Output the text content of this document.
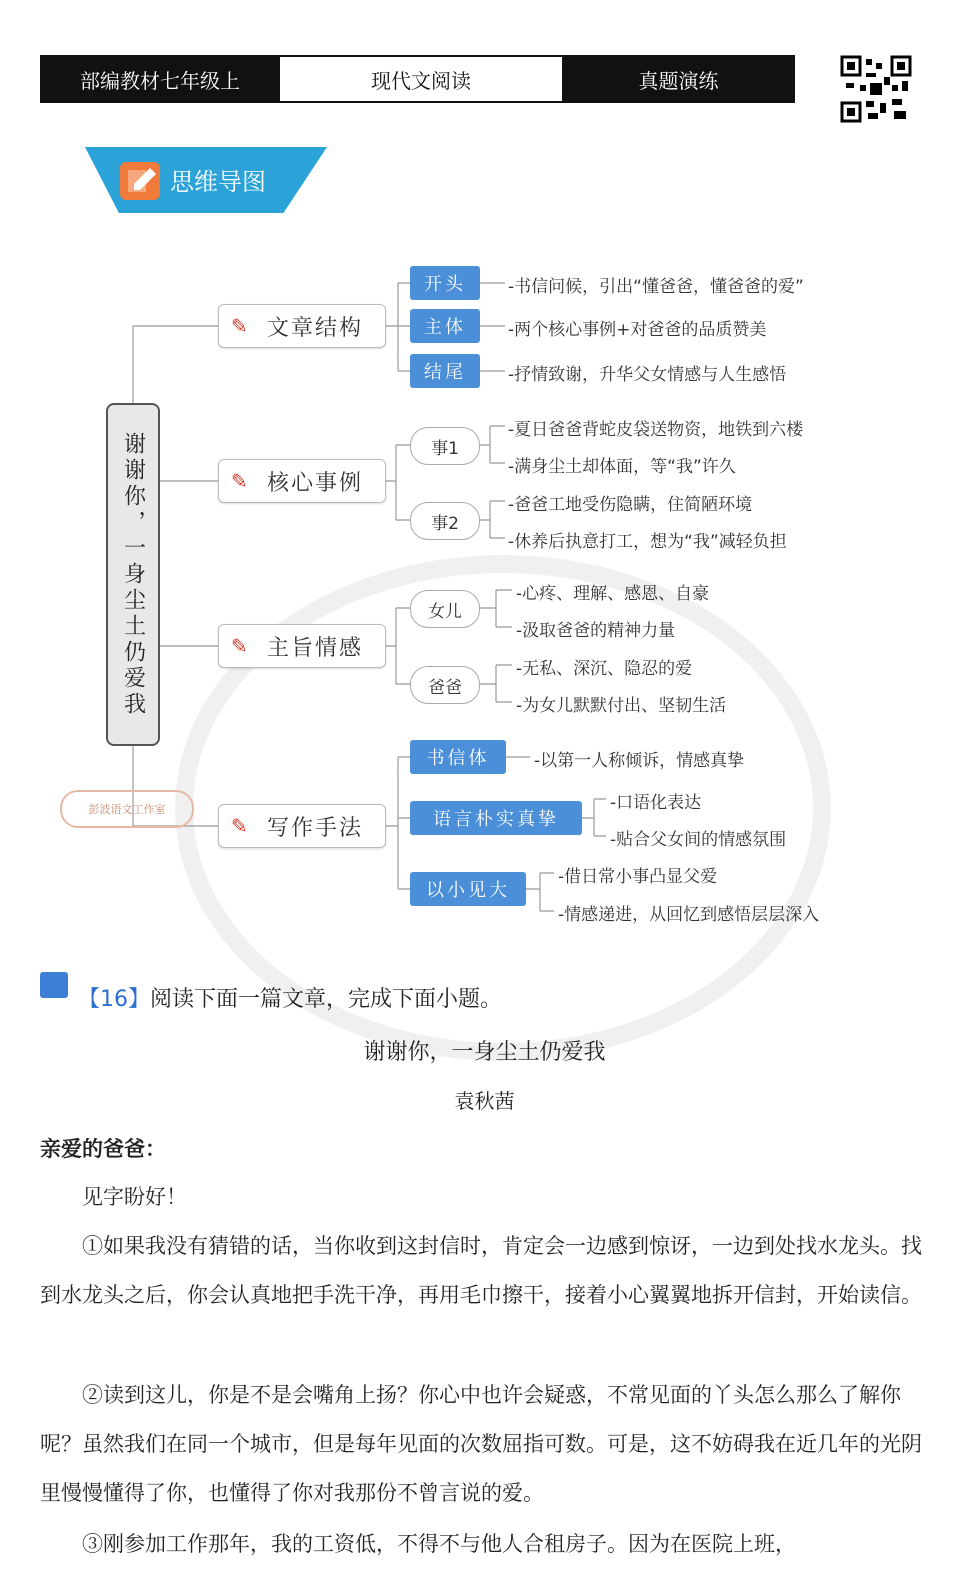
部编教材七年级上	现代文阅读	真题演练
思维导图
谢谢你，一身尘土仍爱我
彭波语文工作室
✎ 文章结构
开头
主体
结尾
-书信问候，引出“懂爸爸，懂爸爸的爱”
-两个核心事例+对爸爸的品质赞美
-抒情致谢，升华父女情感与人生感悟
✎ 核心事例
事1
事2
-夏日爸爸背蛇皮袋送物资，地铁到六楼
-满身尘土却体面，等“我”许久
-爸爸工地受伤隐瞒，住简陋环境
-休养后执意打工，想为“我”减轻负担
✎ 主旨情感
女儿
爸爸
-心疼、理解、感恩、自豪
-汲取爸爸的精神力量
-无私、深沉、隐忍的爱
-为女儿默默付出、坚韧生活
✎ 写作手法
书信体
语言朴实真挚
以小见大
-以第一人称倾诉，情感真挚
-口语化表达
-贴合父女间的情感氛围
-借日常小事凸显父爱
-情感递进，从回忆到感悟层层深入
【16】阅读下面一篇文章，完成下面小题。
谢谢你，一身尘土仍爱我
袁秋茜
亲爱的爸爸：
见字盼好！
①如果我没有猜错的话，当你收到这封信时，肯定会一边感到惊讶，一边到处找水龙头。找到水龙头之后，你会认真地把手洗干净，再用毛巾擦干，接着小心翼翼地拆开信封，开始读信。
②读到这儿，你是不是会嘴角上扬？你心中也许会疑惑，不常见面的丫头怎么那么了解你呢？虽然我们在同一个城市，但是每年见面的次数屈指可数。可是，这不妨碍我在近几年的光阴里慢慢懂得了你，也懂得了你对我那份不曾言说的爱。
③刚参加工作那年，我的工资低，不得不与他人合租房子。因为在医院上班，
